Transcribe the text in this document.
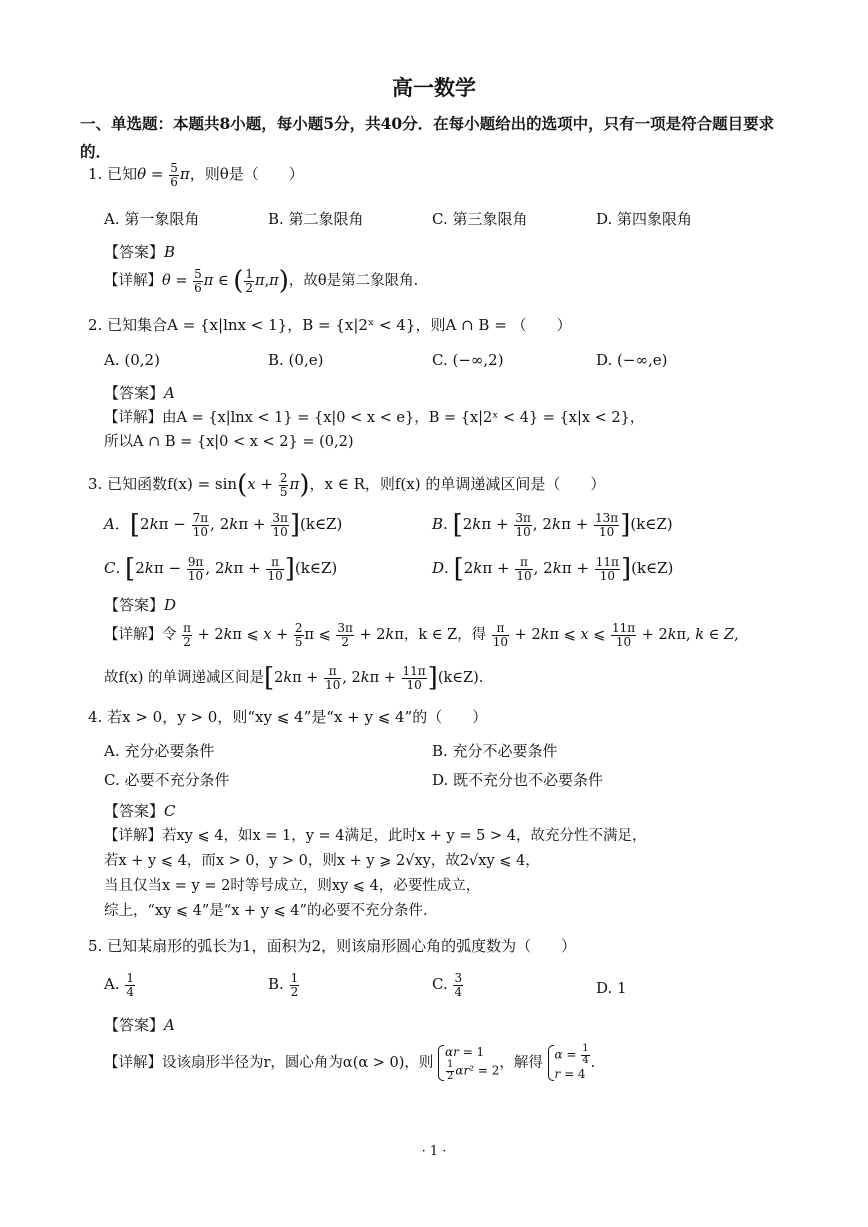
高一数学
一、单选题：本题共8小题，每小题5分，共40分．在每小题给出的选项中，只有一项是符合题目要求的．
1. 已知$\theta = \frac{5}{6}$ π，则θ是（　　）
A. 第一象限角	B. 第二象限角	C. 第三象限角	D. 第四象限角
【答案】B
【详解】$\theta = \frac{5}{6}$ π ∈ ( $\frac{1}{2} \pi,\pi$)，故θ是第二象限角.
2. 已知集合A = {x|lnx < 1}，B = {x|2ˣ < 4}，则A ∩ B = （　　）
A. (0,2)	B. (0,e)	C. (−∞,2)	D. (−∞,e)
【答案】A
【详解】由A = {x|lnx < 1} = {x|0 < x < e}，B = {x|2ˣ < 4} = {x|x < 2}，
所以A ∩ B = {x|0 < x < 2} = (0,2)
3. 已知函数$f(x) = \sin(x + \frac{2}{5} \pi)$，x ∈ R，则f(x) 的单调递减区间是（　　）
A．[$2k\pi - \frac{7\pi}{10}$ , $2k\pi + \frac{3\pi}{10}$ ](k∈Z)	B. [$2k\pi + \frac{3\pi}{10}$ , $2k\pi + \frac{13\pi}{10}$ ](k∈Z)
C. [$2k\pi - \frac{9\pi}{10}$ , $2k\pi + \frac{\pi}{10}$ ](k∈Z)	D. [$2k\pi + \frac{\pi}{10}$ , $2k\pi + \frac{11\pi}{10}$ ](k∈Z)
【答案】D
【详解】令 $\frac{\pi}{2} + 2k\pi$ ⩽ $x + \frac{2}{5}$ π ⩽ $\frac{3\pi}{2} + 2k\pi$，k ∈ Z，得 $\frac{\pi}{10} + 2k\pi$ ⩽ x ⩽ $\frac{11\pi}{10} + 2k\pi$, k ∈ Z,
故f(x) 的单调递减区间是[$2k\pi + \frac{\pi}{10}$ , $2k\pi + \frac{11\pi}{10}$ ](k∈Z).
4. 若x > 0，y > 0，则“xy ⩽ 4”是“x + y ⩽ 4”的（　　）
A. 充分必要条件	B. 充分不必要条件
C. 必要不充分条件	D. 既不充分也不必要条件
【答案】C
【详解】若xy ⩽ 4，如x = 1，y = 4满足，此时x + y = 5 > 4，故充分性不满足，
若x + y ⩽ 4，而x > 0，y > 0，则x + y ⩾ 2√xy，故2√xy ⩽ 4，
当且仅当x = y = 2时等号成立，则xy ⩽ 4，必要性成立，
综上，“xy ⩽ 4”是“x + y ⩽ 4”的必要不充分条件.
5. 已知某扇形的弧长为1，面积为2，则该扇形圆心角的弧度数为（　　）
A. $\frac{1}{4}$	B. $\frac{1}{2}$	C. $\frac{3}{4}$	D. 1
【答案】A
【详解】设该扇形半径为r，圆心角为α(α > 0)，则
αr = 1
$\frac{1}{2} \alpha r^2 = 2$ ，解得
$\alpha = \frac{1}{4}$
r = 4
.
· 1 ·
